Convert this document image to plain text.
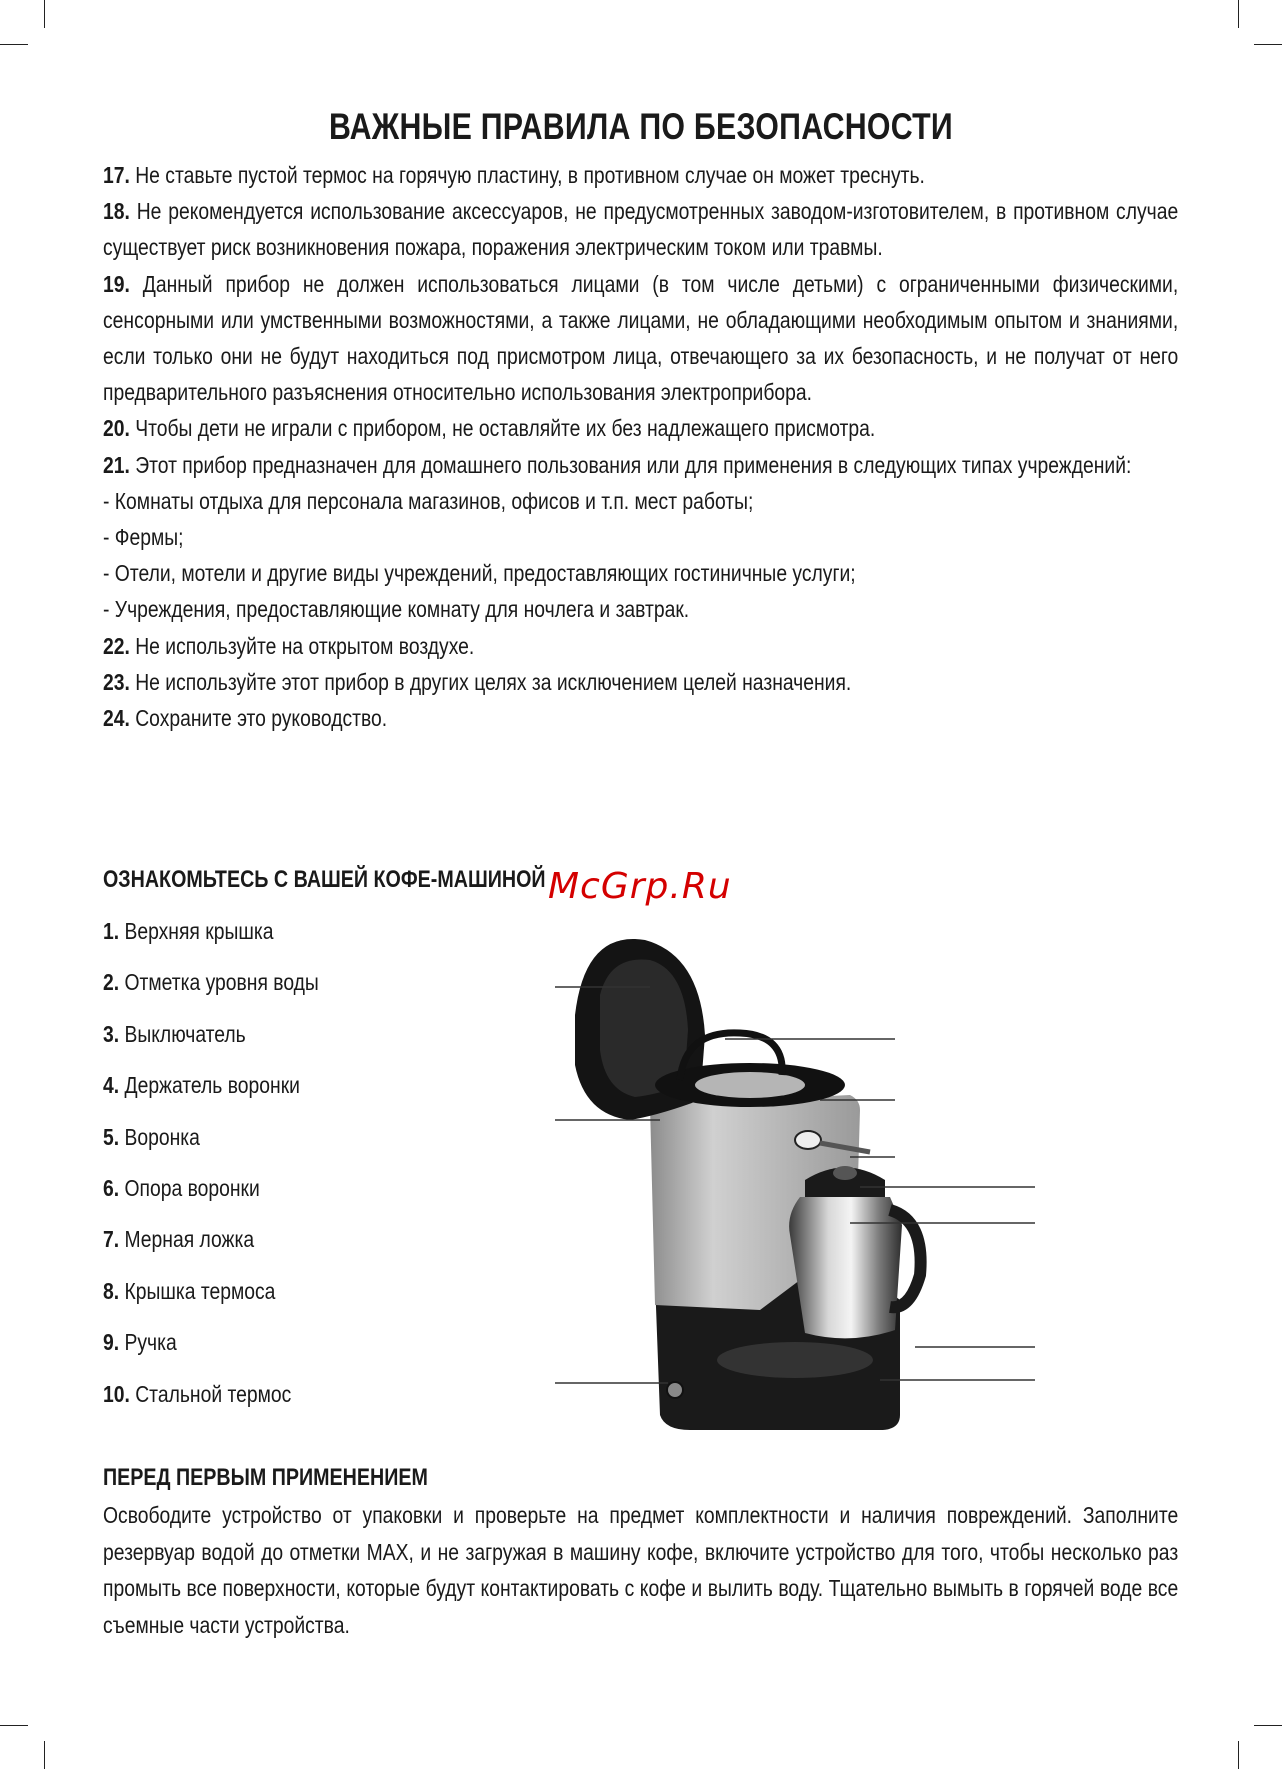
ВАЖНЫЕ ПРАВИЛА ПО БЕЗОПАСНОСТИ

17. Не ставьте пустой термос на горячую пластину, в противном случае он может треснуть.

18. Не рекомендуется использование аксессуаров, не предусмотренных заводом-изготовителем, в противном случае существует риск возникновения пожара, поражения электрическим током или травмы.

19. Данный прибор не должен использоваться лицами (в том числе детьми) с ограниченными физическими, сенсорными или умственными возможностями, а также лицами, не обладающими необходимым опытом и знаниями, если только они не будут находиться под присмотром лица, отвечающего за их безопасность, и не получат от него предварительного разъяснения относительно использования электроприбора.

20. Чтобы дети не играли с прибором, не оставляйте их без надлежащего присмотра.

21. Этот прибор предназначен для домашнего пользования или для применения в следующих типах учреждений:

- Комнаты отдыха для персонала магазинов, офисов и т.п. мест работы;

- Фермы;

- Отели, мотели и другие виды учреждений, предоставляющих гостиничные услуги;

- Учреждения, предоставляющие комнату для ночлега и завтрак.

22. Не используйте на открытом воздухе.

23. Не используйте этот прибор в других целях за исключением целей назначения.

24. Сохраните это руководство.

ОЗНАКОМЬТЕСЬ С ВАШЕЙ КОФЕ-МАШИНОЙ McGrp.Ru
1. Верхняя крышка
2. Отметка уровня воды
3. Выключатель
4. Держатель воронки
5. Воронка
6. Опора воронки
7. Мерная ложка
8. Крышка термоса
9. Ручка
10. Стальной термос
ПЕРЕД ПЕРВЫМ ПРИМЕНЕНИЕМ
Освободите устройство от упаковки и проверьте на предмет комплектности и наличия повреждений. Заполните резервуар водой до отметки MAX, и не загружая в машину кофе, включите устройство для того, чтобы несколько раз промыть все поверхности, которые будут контактировать с кофе и вылить воду. Тщательно вымыть в горячей воде все съемные части устройства.
